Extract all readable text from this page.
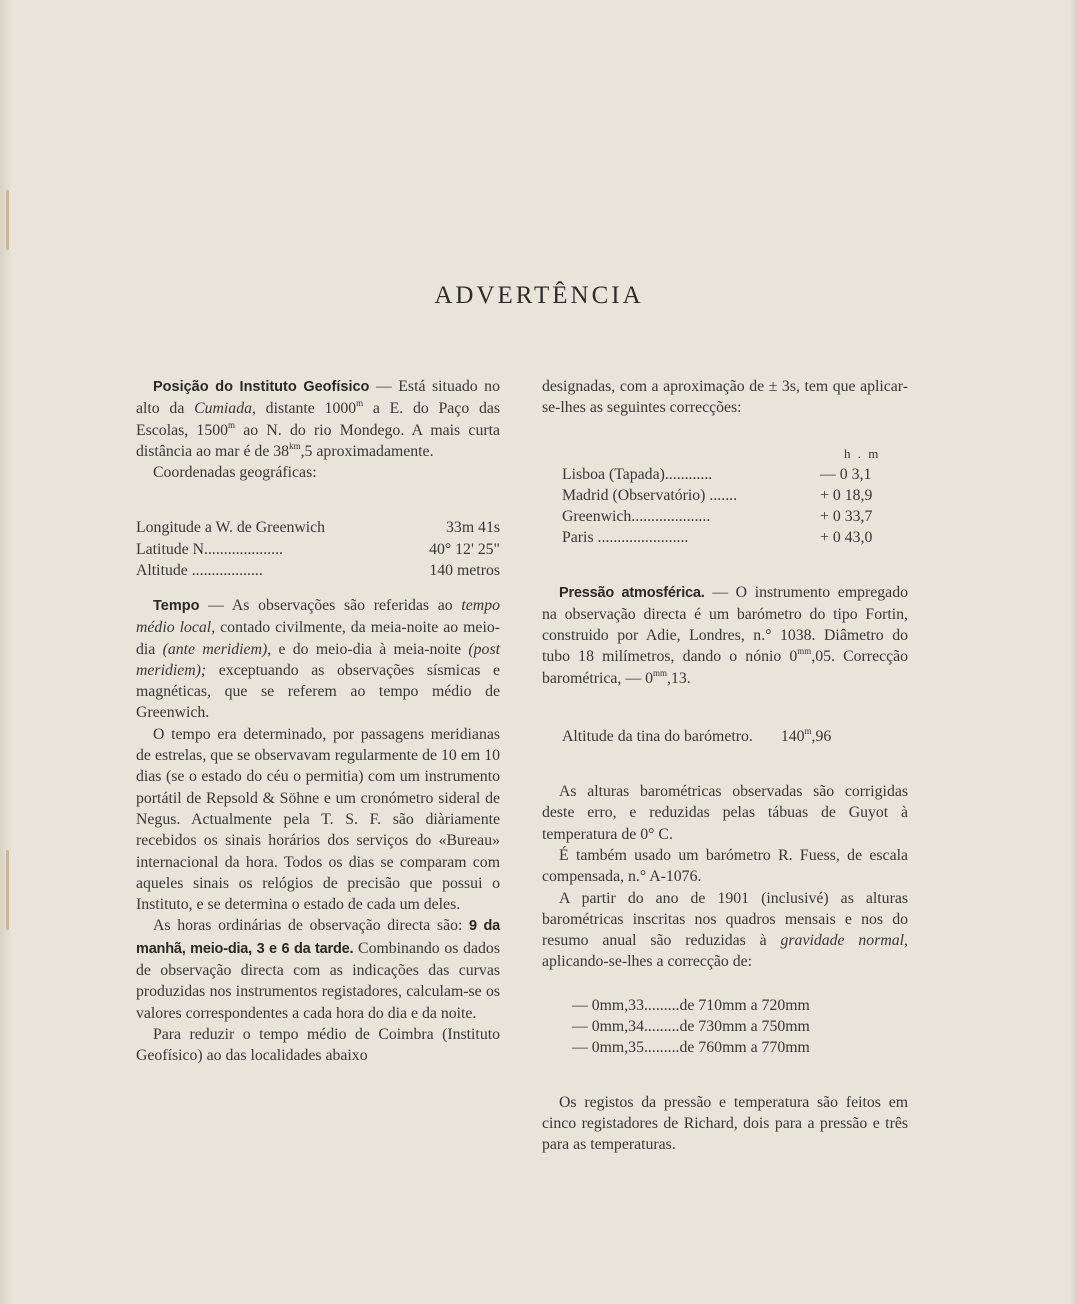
ADVERTÊNCIA

Posição do Instituto Geofísico — Está situado no alto da Cumiada, distante 1000$^m$ a E. do Paço das Escolas, 1500$^m$ ao N. do rio Mondego. A mais curta distância ao mar é de $38^{km},5$ aproximadamente.

Coordenadas geográficas:

Longitude a W. de Greenwich	33m 41s
Latitude N....................	40° 12' 25"
Altitude ..................	140 metros

Tempo — As observações são referidas ao tempo médio local, contado civilmente, da meia-noite ao meio-dia (ante meridiem), e do meio-dia à meia-noite (post meridiem); exceptuando as observações sísmicas e magnéticas, que se referem ao tempo médio de Greenwich.

O tempo era determinado, por passagens meridianas de estrelas, que se observavam regularmente de 10 em 10 dias (se o estado do céu o permitia) com um instrumento portátil de Repsold & Söhne e um cronómetro sideral de Negus. Actualmente pela T. S. F. são diàriamente recebidos os sinais horários dos serviços do «Bureau» internacional da hora. Todos os dias se comparam com aqueles sinais os relógios de precisão que possui o Instituto, e se determina o estado de cada um deles.

As horas ordinárias de observação directa são: 9 da manhã, meio-dia, 3 e 6 da tarde. Combinando os dados de observação directa com as indicações das curvas produzidas nos instrumentos registadores, calculam-se os valores correspondentes a cada hora do dia e da noite.

Para reduzir o tempo médio de Coimbra (Instituto Geofísico) ao das localidades abaixo

designadas, com a aproximação de ± 3s, tem que aplicar-se-lhes as seguintes correcções:

h . m
Lisboa (Tapada)............	— 0 3,1
Madrid (Observatório) .......	+ 0 18,9
Greenwich....................	+ 0 33,7
Paris .......................	+ 0 43,0

Pressão atmosférica. — O instrumento empregado na observação directa é um barómetro do tipo Fortin, construido por Adie, Londres, n.° 1038. Diâmetro do tubo 18 milímetros, dando o nónio $0^{mm},05$. Correcção barométrica, — $0^{mm},13$.

Altitude da tina do barómetro. 140$^m$,96

As alturas barométricas observadas são corrigidas deste erro, e reduzidas pelas tábuas de Guyot à temperatura de 0° C.

É também usado um barómetro R. Fuess, de escala compensada, n.° A-1076.

A partir do ano de 1901 (inclusivé) as alturas barométricas inscritas nos quadros mensais e nos do resumo anual são reduzidas à gravidade normal, aplicando-se-lhes a correcção de:

— 0mm,33.........de 710mm a 720mm
— 0mm,34.........de 730mm a 750mm
— 0mm,35.........de 760mm a 770mm

Os registos da pressão e temperatura são feitos em cinco registadores de Richard, dois para a pressão e três para as temperaturas.
